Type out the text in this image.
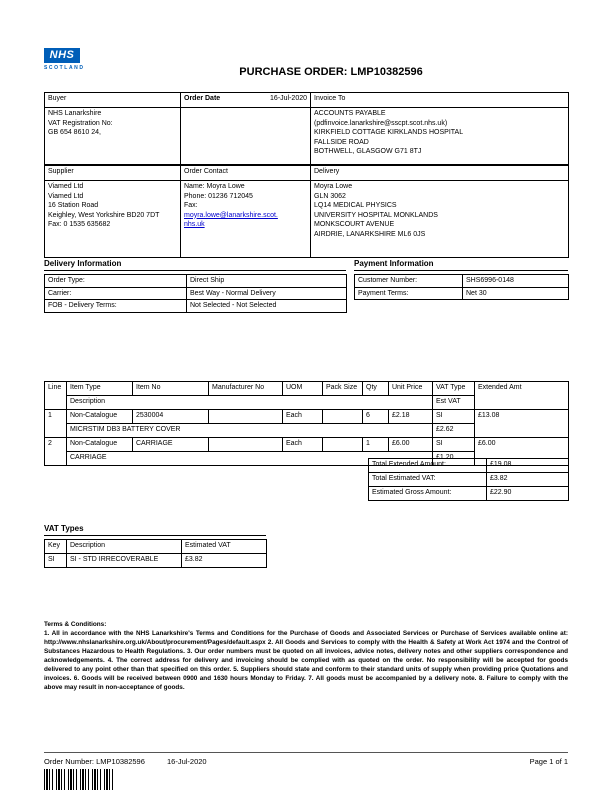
NHS
SCOTLAND	PURCHASE ORDER: LMP10382596
Buyer	Order Date 16-Jul-2020	Invoice To

NHS Lanarkshire
VAT Registration No:
GB 654 8610 24,

ACCOUNTS PAYABLE
(pdfinvoice.lanarkshire@sscpt.scot.nhs.uk)
KIRKFIELD COTTAGE KIRKLANDS HOSPITAL
FALLSIDE ROAD
BOTHWELL, GLASGOW G71 8TJ
Supplier	Order Contact	Delivery

Viamed Ltd
Viamed Ltd
16 Station Road
Keighley, West Yorkshire BD20 7DT
Fax: 0 1535 635682

Name: Moyra Lowe
Phone: 01236 712045
Fax:
moyra.lowe@lanarkshire.scot.nhs.uk

Moyra Lowe
GLN 3062
LQ14 MEDICAL PHYSICS
UNIVERSITY HOSPITAL MONKLANDS
MONKSCOURT AVENUE
AIRDRIE, LANARKSHIRE ML6 0JS
Delivery Information
Order Type:	Direct Ship
Carrier:	Best Way - Normal Delivery
FOB - Delivery Terms:	Not Selected - Not Selected
Payment Information
Customer Number:	SHS6996-0148
Payment Terms:	Net 30
Line	Item Type	Item No	Manufacturer No	UOM	Pack Size	Qty	Unit Price	VAT Type	Extended Amt
	Description							Est VAT	
1	Non-Catalogue	2530004		Each		6	£2.18	SI	£13.08
	MICRSTIM DB3 BATTERY COVER							£2.62	
2	Non-Catalogue	CARRIAGE		Each		1	£6.00	SI	£6.00
	CARRIAGE							£1.20	
Total Extended Amount:	£19.08
Total Estimated VAT:	£3.82
Estimated Gross Amount:	£22.90
VAT Types
Key	Description	Estimated VAT
SI	SI - STD IRRECOVERABLE	£3.82
Terms & Conditions:
1. All in accordance with the NHS Lanarkshire's Terms and Conditions for the Purchase of Goods and Associated Services or Purchase of Services available online at: http://www.nhslanarkshire.org.uk/About/procurement/Pages/default.aspx 2. All Goods and Services to comply with the Health & Safety at Work Act 1974 and the Control of Substances Hazardous to Health Regulations. 3. Our order numbers must be quoted on all invoices, advice notes, delivery notes and other suppliers correspondence and acknowledgements. 4. The correct address for delivery and invoicing should be complied with as quoted on the order. No responsibility will be accepted for goods delivered to any point other than that specified on this order. 5. Suppliers should state and conform to their standard units of supply when providing price Quotations and invoices. 6. Goods will be received between 0900 and 1630 hours Monday to Friday. 7. All goods must be accompanied by a delivery note. 8. Failure to comply with the above may result in non-acceptance of goods.
Order Number: LMP10382596	16-Jul-2020	Page 1 of 1
